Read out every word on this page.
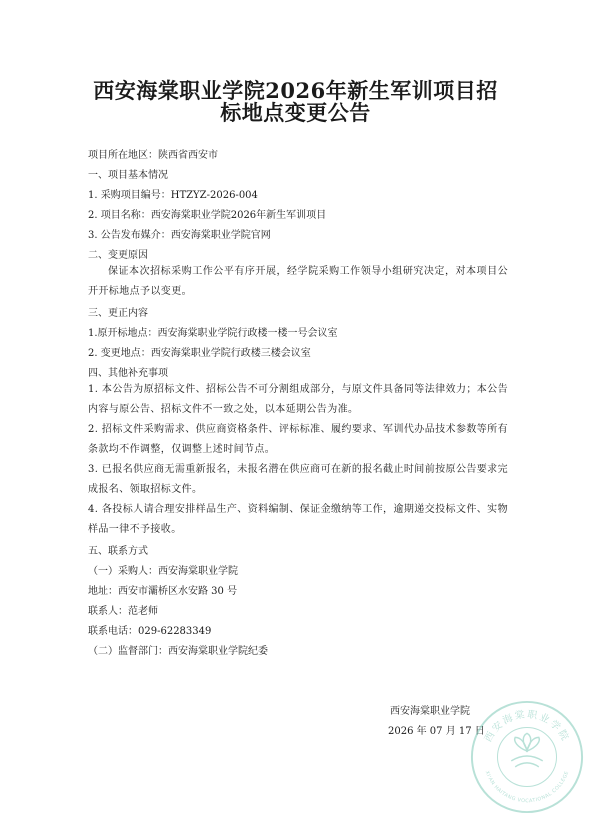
西安海棠职业学院2026年新生军训项目招
标地点变更公告
项目所在地区：陕西省西安市
一、项目基本情况
1. 采购项目编号：HTZYZ-2026-004
2. 项目名称：西安海棠职业学院2026年新生军训项目
3. 公告发布媒介：西安海棠职业学院官网
二、变更原因
保证本次招标采购工作公平有序开展，经学院采购工作领导小组研究决定，对本项目公开开标地点予以变更。
三、更正内容
1.原开标地点：西安海棠职业学院行政楼一楼一号会议室
2. 变更地点：西安海棠职业学院行政楼三楼会议室
四、其他补充事项
1. 本公告为原招标文件、招标公告不可分割组成部分，与原文件具备同等法律效力；本公告内容与原公告、招标文件不一致之处，以本延期公告为准。
2. 招标文件采购需求、供应商资格条件、评标标准、履约要求、军训代办品技术参数等所有条款均不作调整，仅调整上述时间节点。
3. 已报名供应商无需重新报名，未报名潜在供应商可在新的报名截止时间前按原公告要求完成报名、领取招标文件。
4. 各投标人请合理安排样品生产、资料编制、保证金缴纳等工作，逾期递交投标文件、实物样品一律不予接收。
五、联系方式
（一）采购人：西安海棠职业学院
地址：西安市灞桥区水安路 30 号
联系人：范老师
联系电话：029-62283349
（二）监督部门：西安海棠职业学院纪委
西安海棠职业学院
2026 年 07 月 17 日
西安海棠职业学院
XI'AN HAITANG VOCATIONAL COLLEGE
